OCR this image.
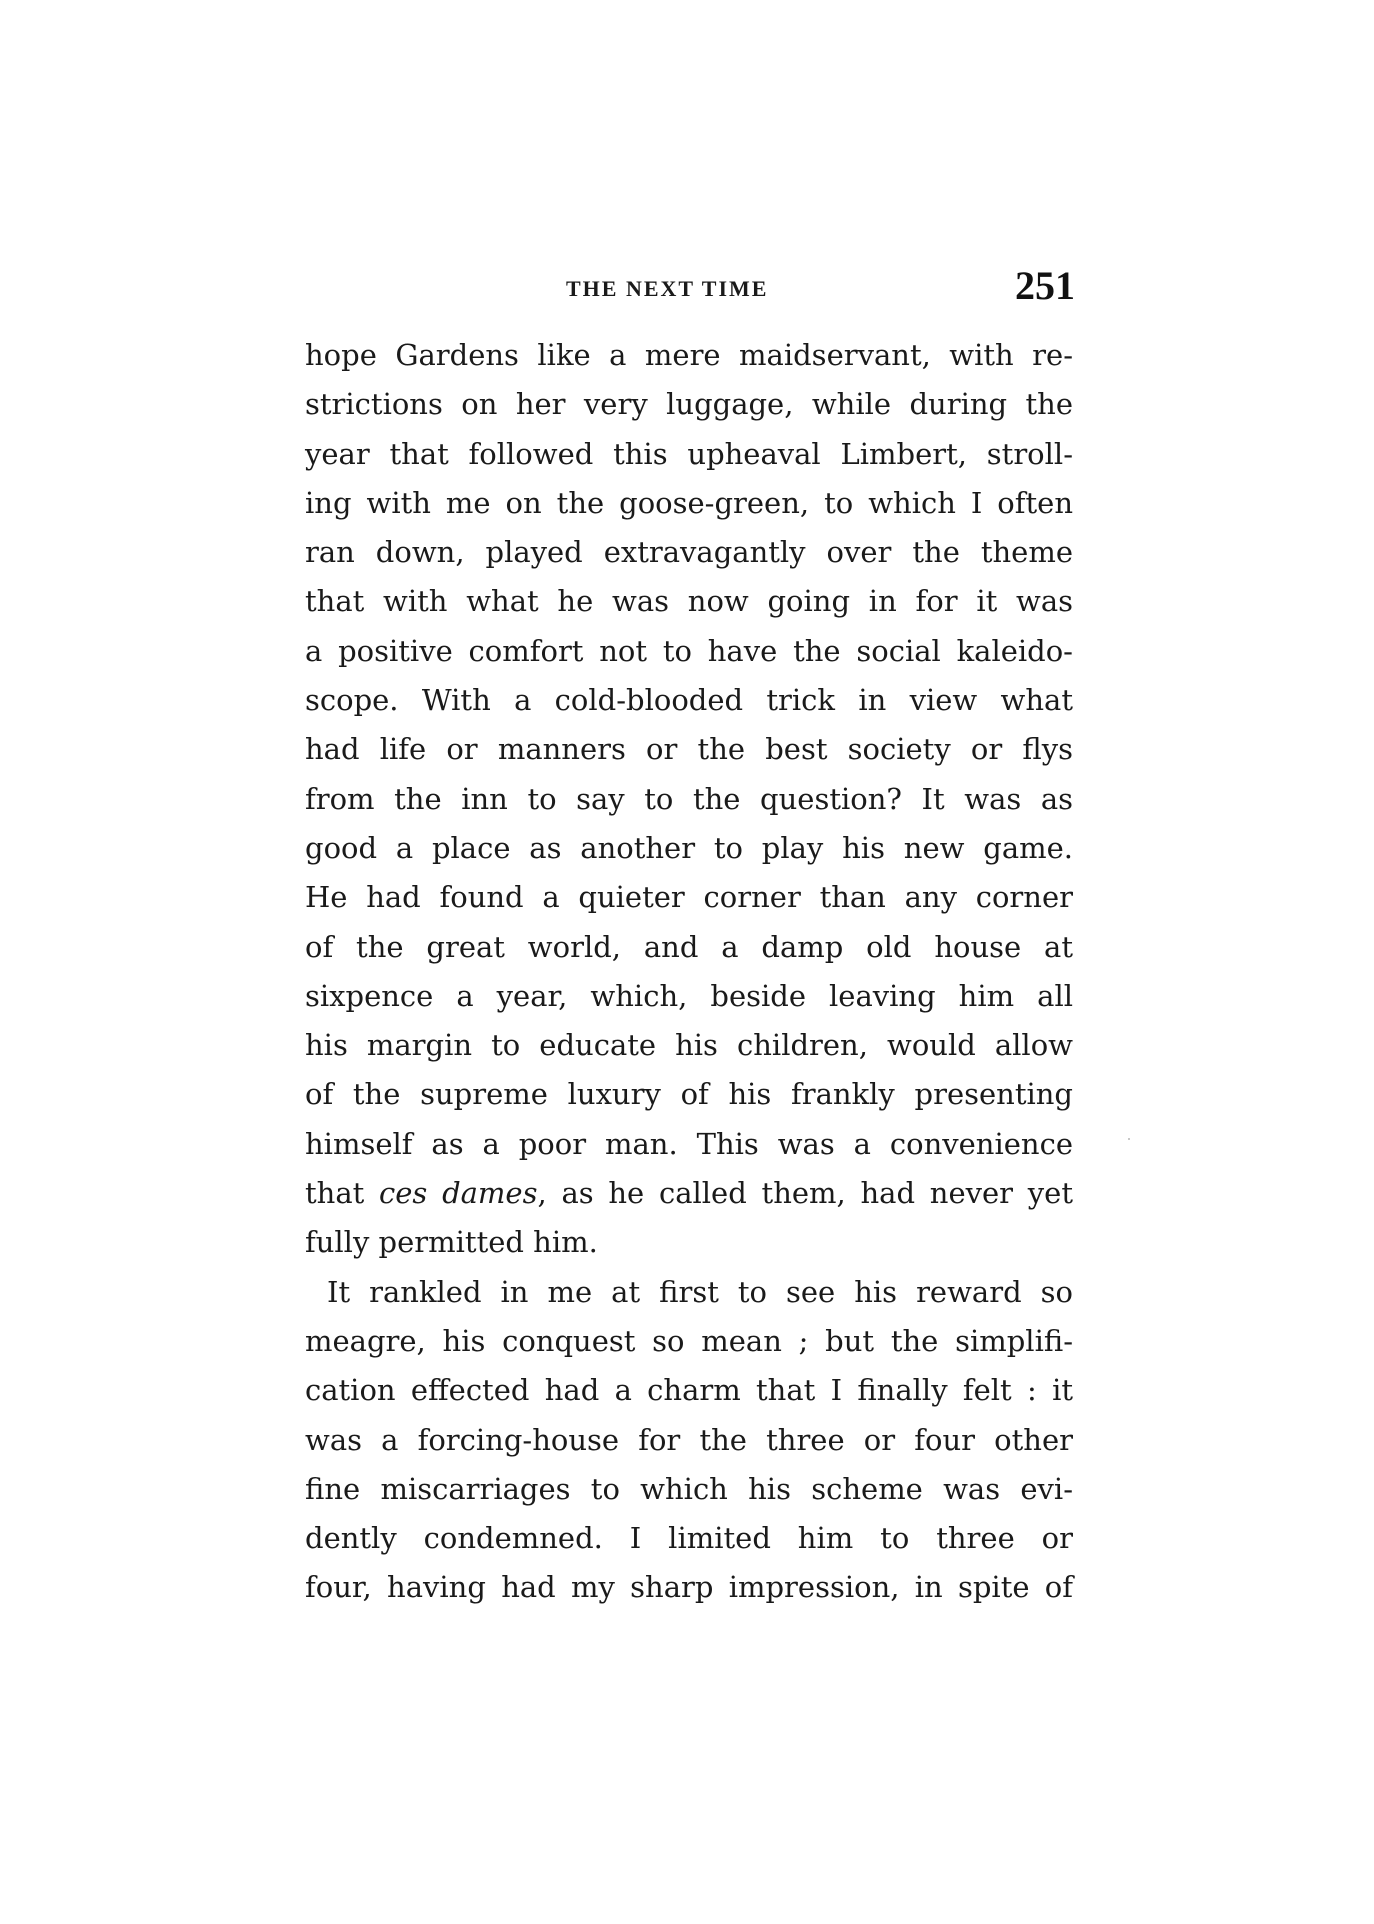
THE NEXT TIME	251
hope Gardens like a mere maidservant, with re-
strictions on her very luggage, while during the
year that followed this upheaval Limbert, stroll-
ing with me on the goose-green, to which I often
ran down, played extravagantly over the theme
that with what he was now going in for it was
a positive comfort not to have the social kaleido-
scope. With a cold-blooded trick in view what
had life or manners or the best society or flys
from the inn to say to the question? It was as
good a place as another to play his new game.
He had found a quieter corner than any corner
of the great world, and a damp old house at
sixpence a year, which, beside leaving him all
his margin to educate his children, would allow
of the supreme luxury of his frankly presenting
himself as a poor man. This was a convenience
that ces dames, as he called them, had never yet
fully permitted him.
It rankled in me at first to see his reward so
meagre, his conquest so mean ; but the simplifi-
cation effected had a charm that I finally felt : it
was a forcing-house for the three or four other
fine miscarriages to which his scheme was evi-
dently condemned. I limited him to three or
four, having had my sharp impression, in spite of
